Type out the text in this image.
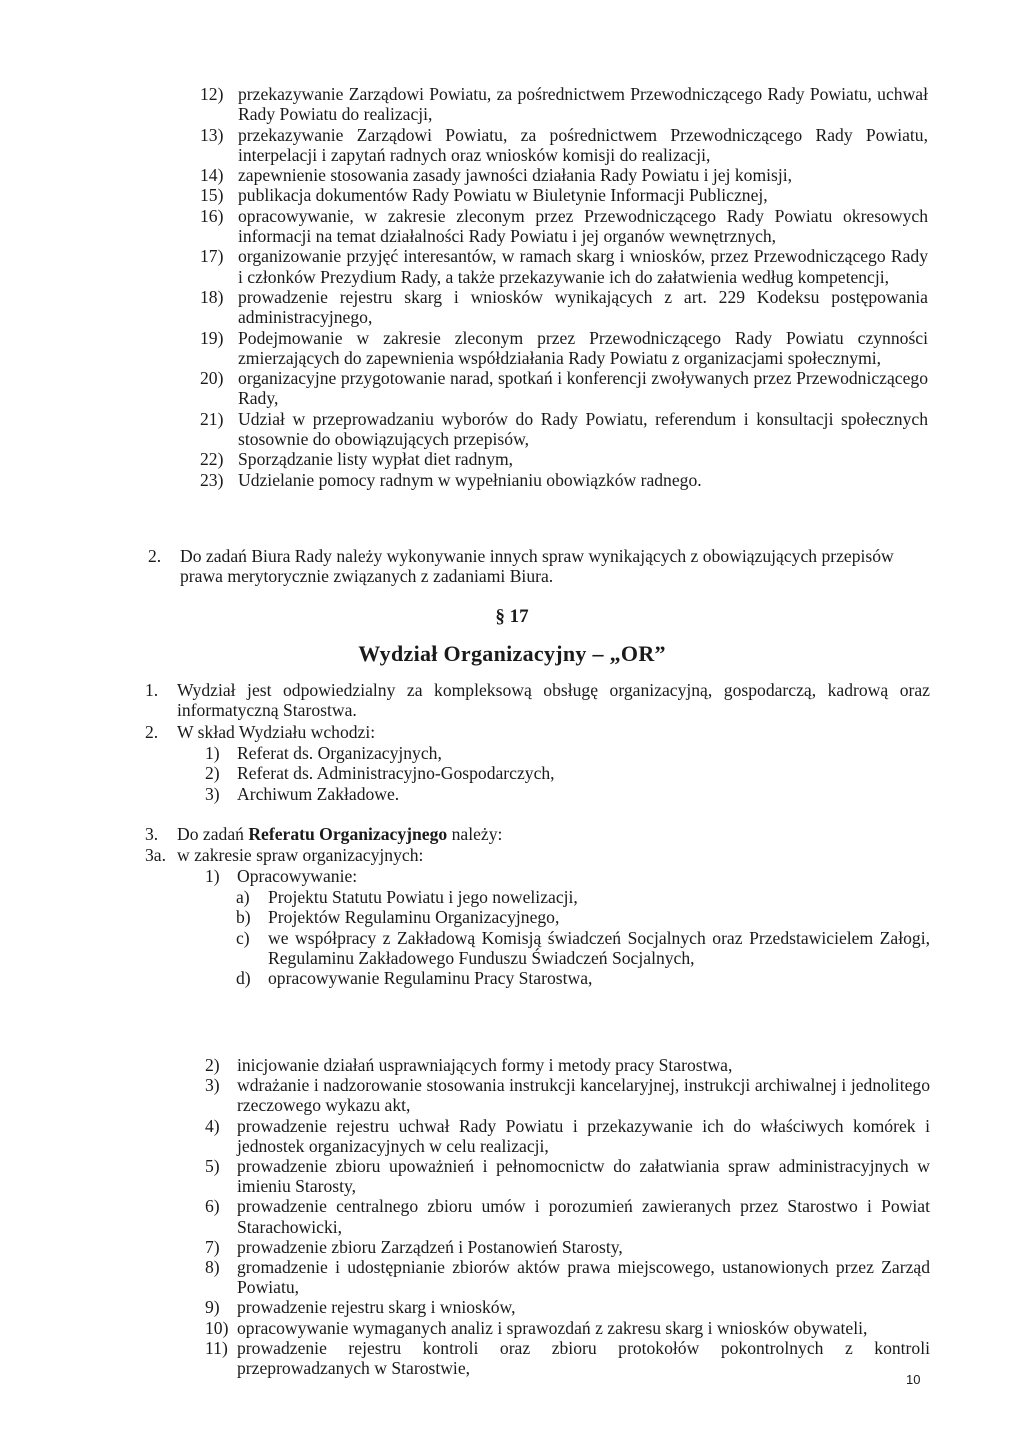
12) przekazywanie Zarządowi Powiatu, za pośrednictwem Przewodniczącego Rady Powiatu, uchwał Rady Powiatu do realizacji,
13) przekazywanie Zarządowi Powiatu, za pośrednictwem Przewodniczącego Rady Powiatu, interpelacji i zapytań radnych oraz wniosków komisji do realizacji,
14) zapewnienie stosowania zasady jawności działania Rady Powiatu i jej komisji,
15) publikacja dokumentów Rady Powiatu w Biuletynie Informacji Publicznej,
16) opracowywanie, w zakresie zleconym przez Przewodniczącego Rady Powiatu okresowych informacji na temat działalności Rady Powiatu i jej organów wewnętrznych,
17) organizowanie przyjęć interesantów, w ramach skarg i wniosków, przez Przewodniczącego Rady i członków Prezydium Rady, a także przekazywanie ich do załatwienia według kompetencji,
18) prowadzenie rejestru skarg i wniosków wynikających z art. 229 Kodeksu postępowania administracyjnego,
19) Podejmowanie w zakresie zleconym przez Przewodniczącego Rady Powiatu czynności zmierzających do zapewnienia współdziałania Rady Powiatu z organizacjami społecznymi,
20) organizacyjne przygotowanie narad, spotkań i konferencji zwoływanych przez Przewodniczącego Rady,
21) Udział w przeprowadzaniu wyborów do Rady Powiatu, referendum i konsultacji społecznych stosownie do obowiązujących przepisów,
22) Sporządzanie listy wypłat diet radnym,
23) Udzielanie pomocy radnym w wypełnianiu obowiązków radnego.
2. Do zadań Biura Rady należy wykonywanie innych spraw wynikających z obowiązujących przepisów prawa merytorycznie związanych z zadaniami Biura.
§ 17
Wydział Organizacyjny – „OR”
1. Wydział jest odpowiedzialny za kompleksową obsługę organizacyjną, gospodarczą, kadrową oraz informatyczną Starostwa.
2. W skład Wydziału wchodzi:
1) Referat ds. Organizacyjnych,
2) Referat ds. Administracyjno-Gospodarczych,
3) Archiwum Zakładowe.
3. Do zadań Referatu Organizacyjnego należy:
3a. w zakresie spraw organizacyjnych:
1) Opracowywanie:
a) Projektu Statutu Powiatu i jego nowelizacji,
b) Projektów Regulaminu Organizacyjnego,
c) we współpracy z Zakładową Komisją świadczeń Socjalnych oraz Przedstawicielem Załogi, Regulaminu Zakładowego Funduszu Świadczeń Socjalnych,
d) opracowywanie Regulaminu Pracy Starostwa,
2) inicjowanie działań usprawniających formy i metody pracy Starostwa,
3) wdrażanie i nadzorowanie stosowania instrukcji kancelaryjnej, instrukcji archiwalnej i jednolitego rzeczowego wykazu akt,
4) prowadzenie rejestru uchwał Rady Powiatu i przekazywanie ich do właściwych komórek i jednostek organizacyjnych w celu realizacji,
5) prowadzenie zbioru upoważnień i pełnomocnictw do załatwiania spraw administracyjnych w imieniu Starosty,
6) prowadzenie centralnego zbioru umów i porozumień zawieranych przez Starostwo i Powiat Starachowicki,
7) prowadzenie zbioru Zarządzeń i Postanowień Starosty,
8) gromadzenie i udostępnianie zbiorów aktów prawa miejscowego, ustanowionych przez Zarząd Powiatu,
9) prowadzenie rejestru skarg i wniosków,
10) opracowywanie wymaganych analiz i sprawozdań z zakresu skarg i wniosków obywateli,
11) prowadzenie rejestru kontroli oraz zbioru protokołów pokontrolnych z kontroli przeprowadzanych w Starostwie,
10
